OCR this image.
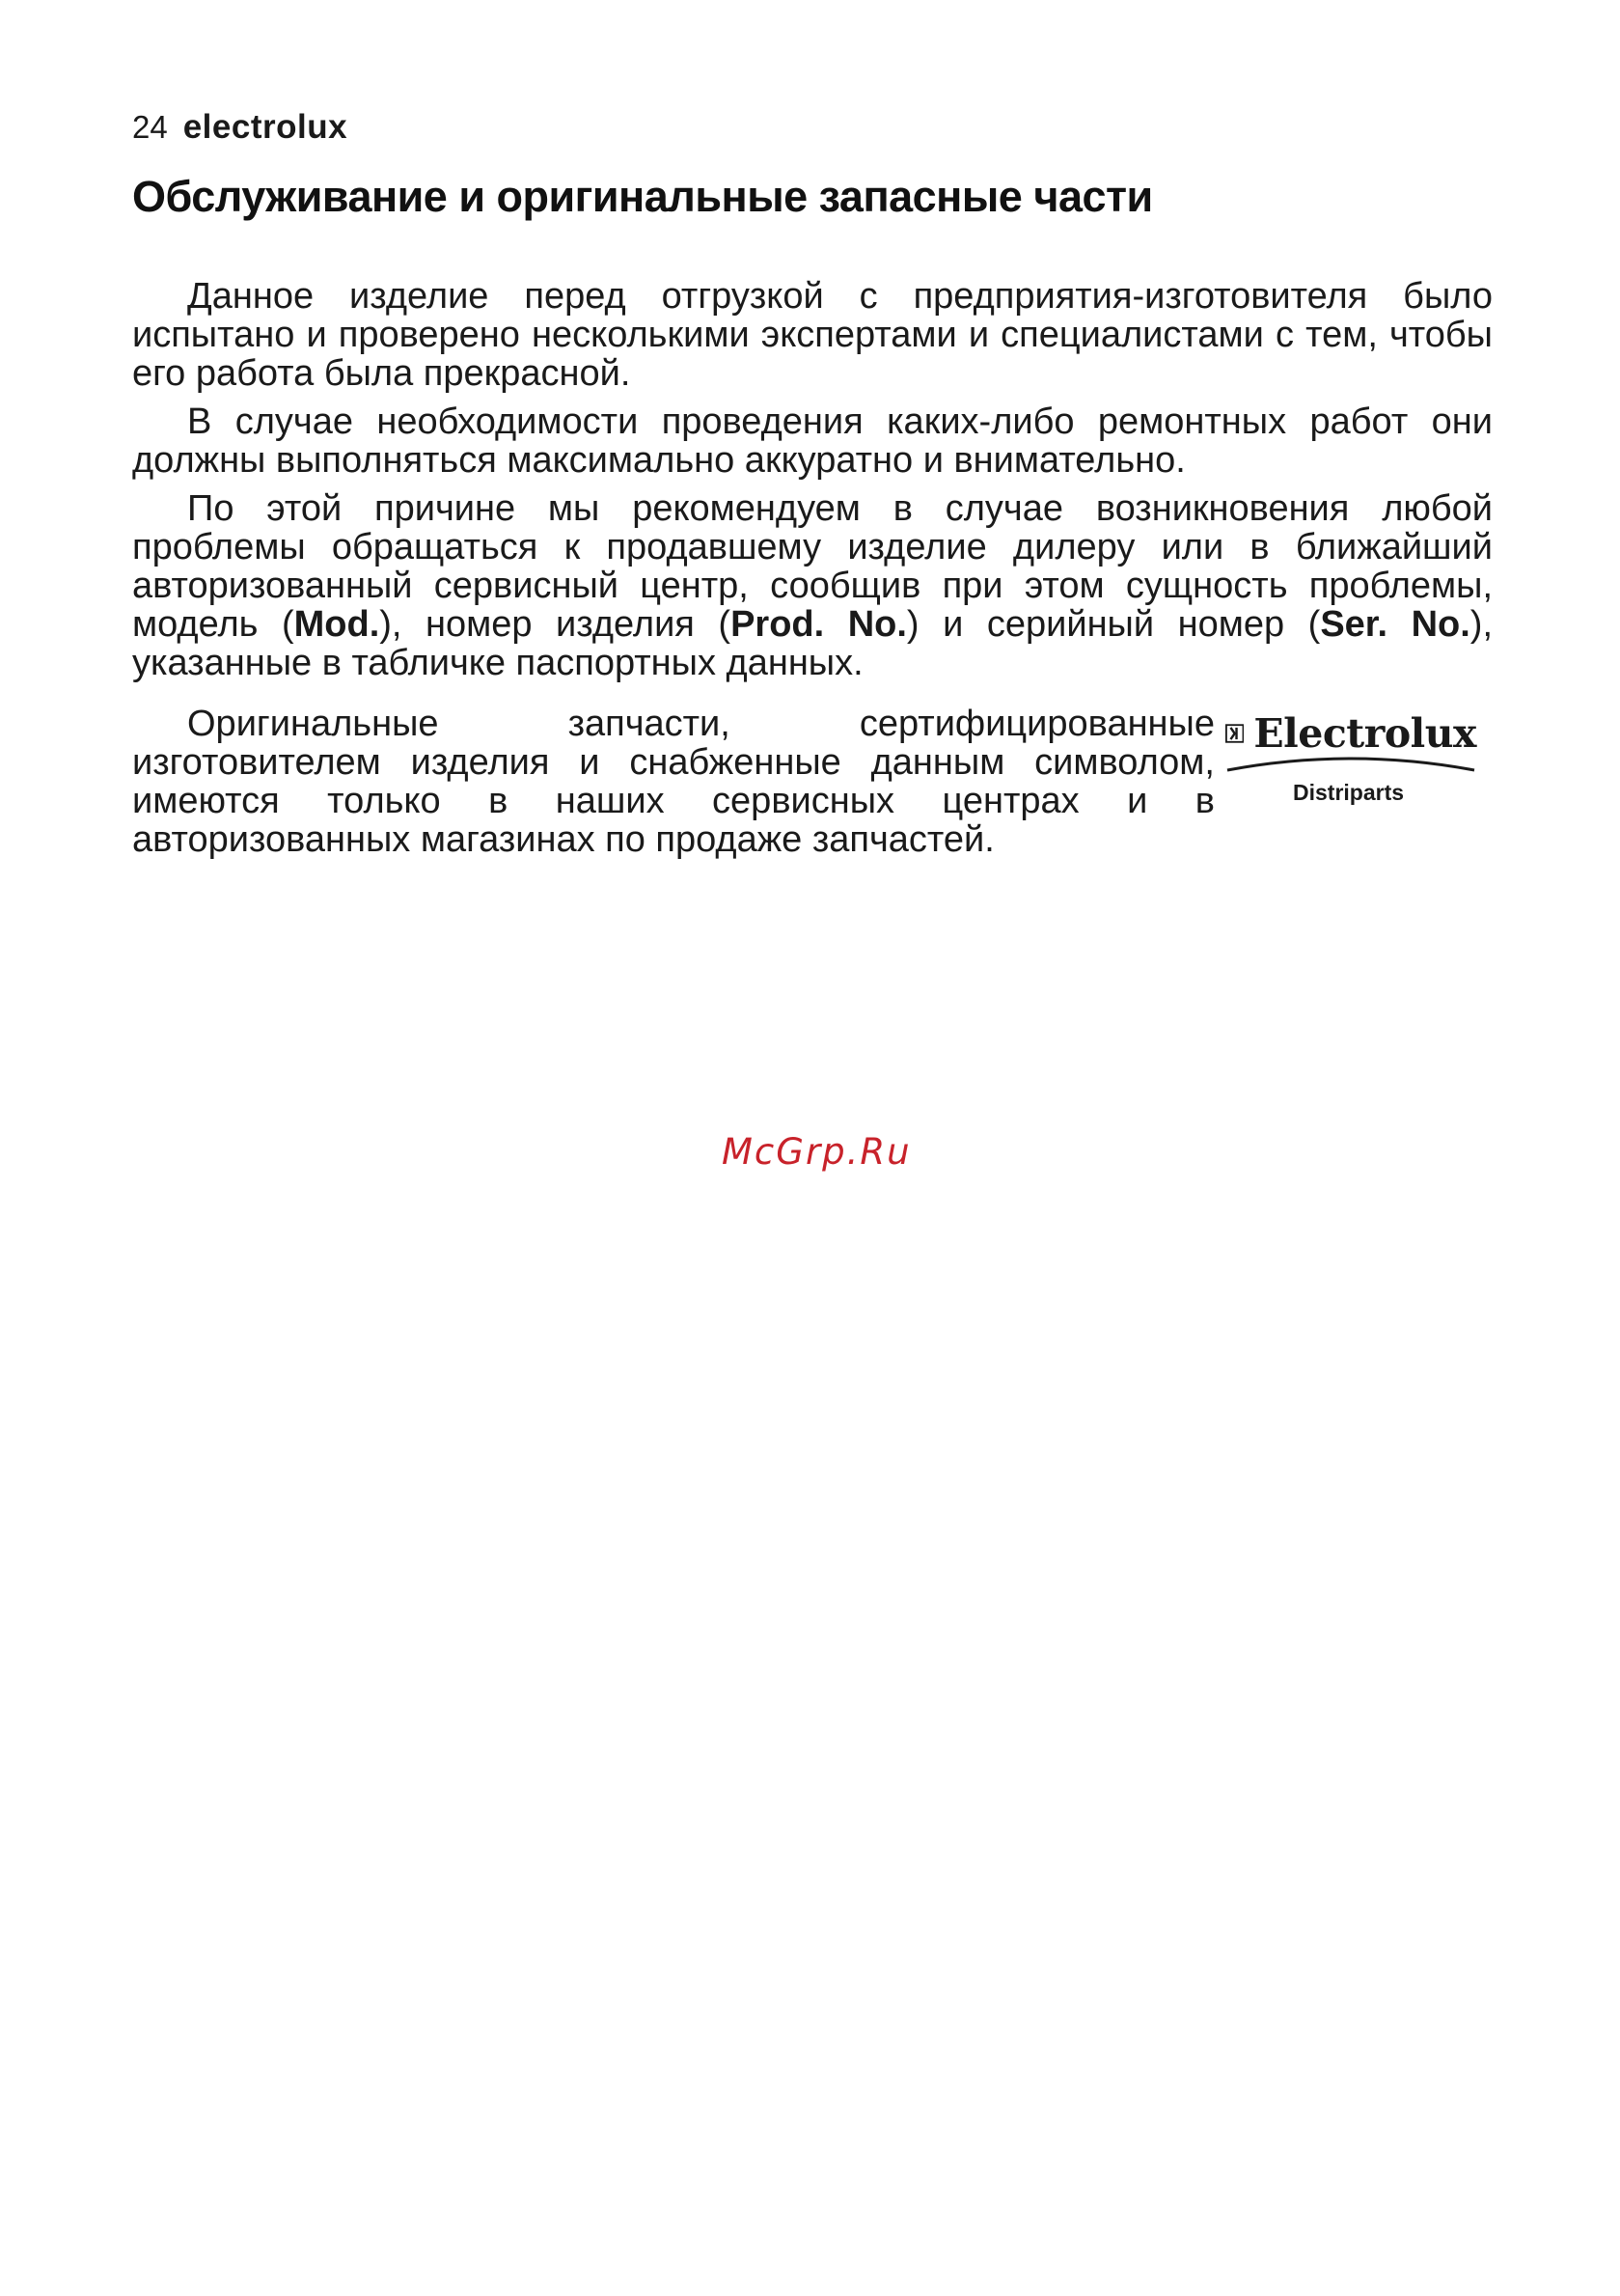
24 electrolux
Обслуживание и оригинальные запасные части

Данное изделие перед отгрузкой с предприятия-изготовителя было испытано и проверено несколькими экспертами и специалистами с тем, чтобы его работа была прекрасной.

В случае необходимости проведения каких-либо ремонтных работ они должны выполняться максимально аккуратно и внимательно.

По этой причине мы рекомендуем в случае возникновения любой проблемы обращаться к продавшему изделие дилеру или в ближайший авторизованный сервисный центр, сообщив при этом сущность проблемы, модель (Mod.), номер изделия (Prod. No.) и серийный номер (Ser. No.), указанные в табличке паспортных данных.

Оригинальные запчасти, сертифицированные изготовителем изделия и снабженные данным символом, имеются только в наших сервисных центрах и в авторизованных магазинах по продаже запчастей.

Electrolux
Distriparts
McGrp.Ru
